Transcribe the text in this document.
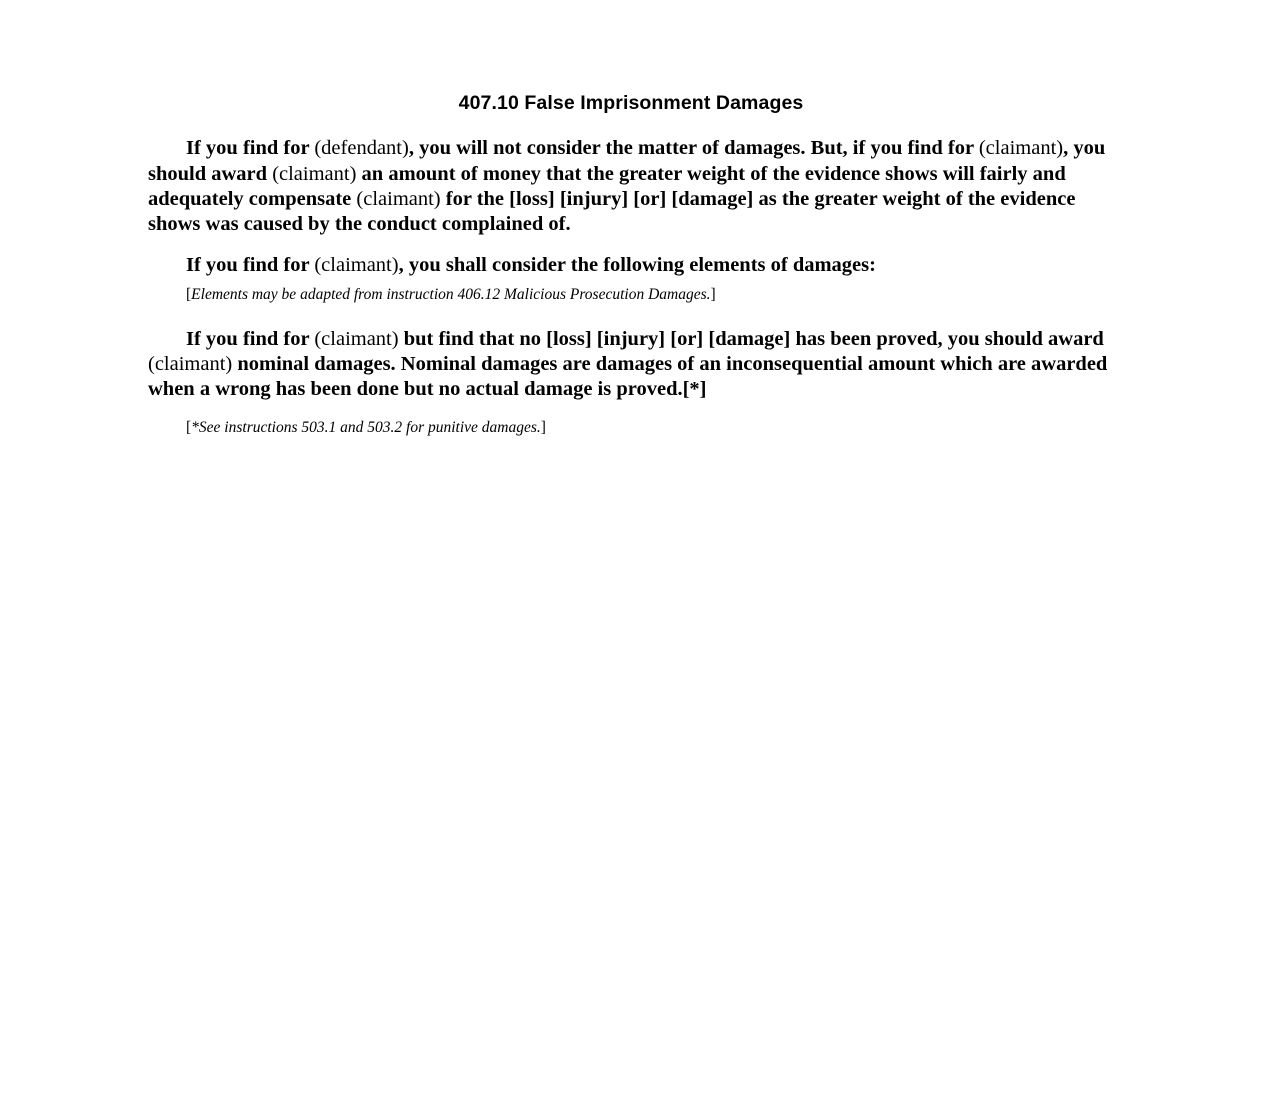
407.10 False Imprisonment Damages

If you find for (defendant), you will not consider the matter of damages. But, if you find for (claimant), you should award (claimant) an amount of money that the greater weight of the evidence shows will fairly and adequately compensate (claimant) for the [loss] [injury] [or] [damage] as the greater weight of the evidence shows was caused by the conduct complained of.

If you find for (claimant), you shall consider the following elements of damages:

[Elements may be adapted from instruction 406.12 Malicious Prosecution Damages.]

If you find for (claimant) but find that no [loss] [injury] [or] [damage] has been proved, you should award (claimant) nominal damages. Nominal damages are damages of an inconsequential amount which are awarded when a wrong has been done but no actual damage is proved.[*]

[*See instructions 503.1 and 503.2 for punitive damages.]
